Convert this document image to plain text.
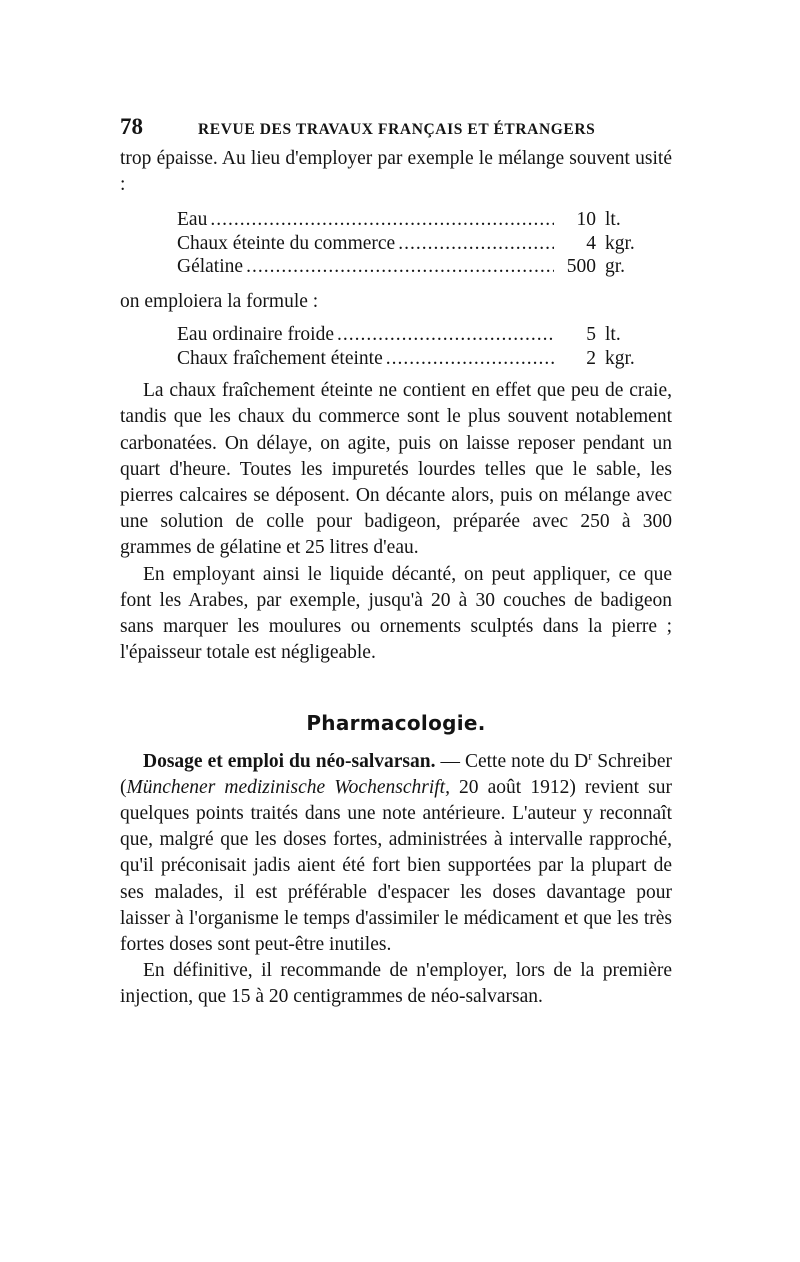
78	REVUE DES TRAVAUX FRANÇAIS ET ÉTRANGERS

trop épaisse. Au lieu d'employer par exemple le mélange souvent usité :

Eau .....	10 lt.
Chaux éteinte du commerce .....	4 kgr.
Gélatine .....	500 gr.

on emploiera la formule :

Eau ordinaire froide .....	5 lt.
Chaux fraîchement éteinte .....	2 kgr.

La chaux fraîchement éteinte ne contient en effet que peu de craie, tandis que les chaux du commerce sont le plus souvent notablement carbonatées. On délaye, on agite, puis on laisse reposer pendant un quart d'heure. Toutes les impuretés lourdes telles que le sable, les pierres calcaires se déposent. On décante alors, puis on mélange avec une solution de colle pour badigeon, préparée avec 250 à 300 grammes de gélatine et 25 litres d'eau.

En employant ainsi le liquide décanté, on peut appliquer, ce que font les Arabes, par exemple, jusqu'à 20 à 30 couches de badigeon sans marquer les moulures ou ornements sculptés dans la pierre ; l'épaisseur totale est négligeable.

Pharmacologie.

Dosage et emploi du néo-salvarsan. — Cette note du $D^r$ Schreiber (Münchener medizinische Wochenschrift, 20 août 1912) revient sur quelques points traités dans une note antérieure. L'auteur y reconnaît que, malgré que les doses fortes, administrées à intervalle rapproché, qu'il préconisait jadis aient été fort bien supportées par la plupart de ses malades, il est préférable d'espacer les doses davantage pour laisser à l'organisme le temps d'assimiler le médicament et que les très fortes doses sont peut-être inutiles.

En définitive, il recommande de n'employer, lors de la première injection, que 15 à 20 centigrammes de néo-salvarsan.
